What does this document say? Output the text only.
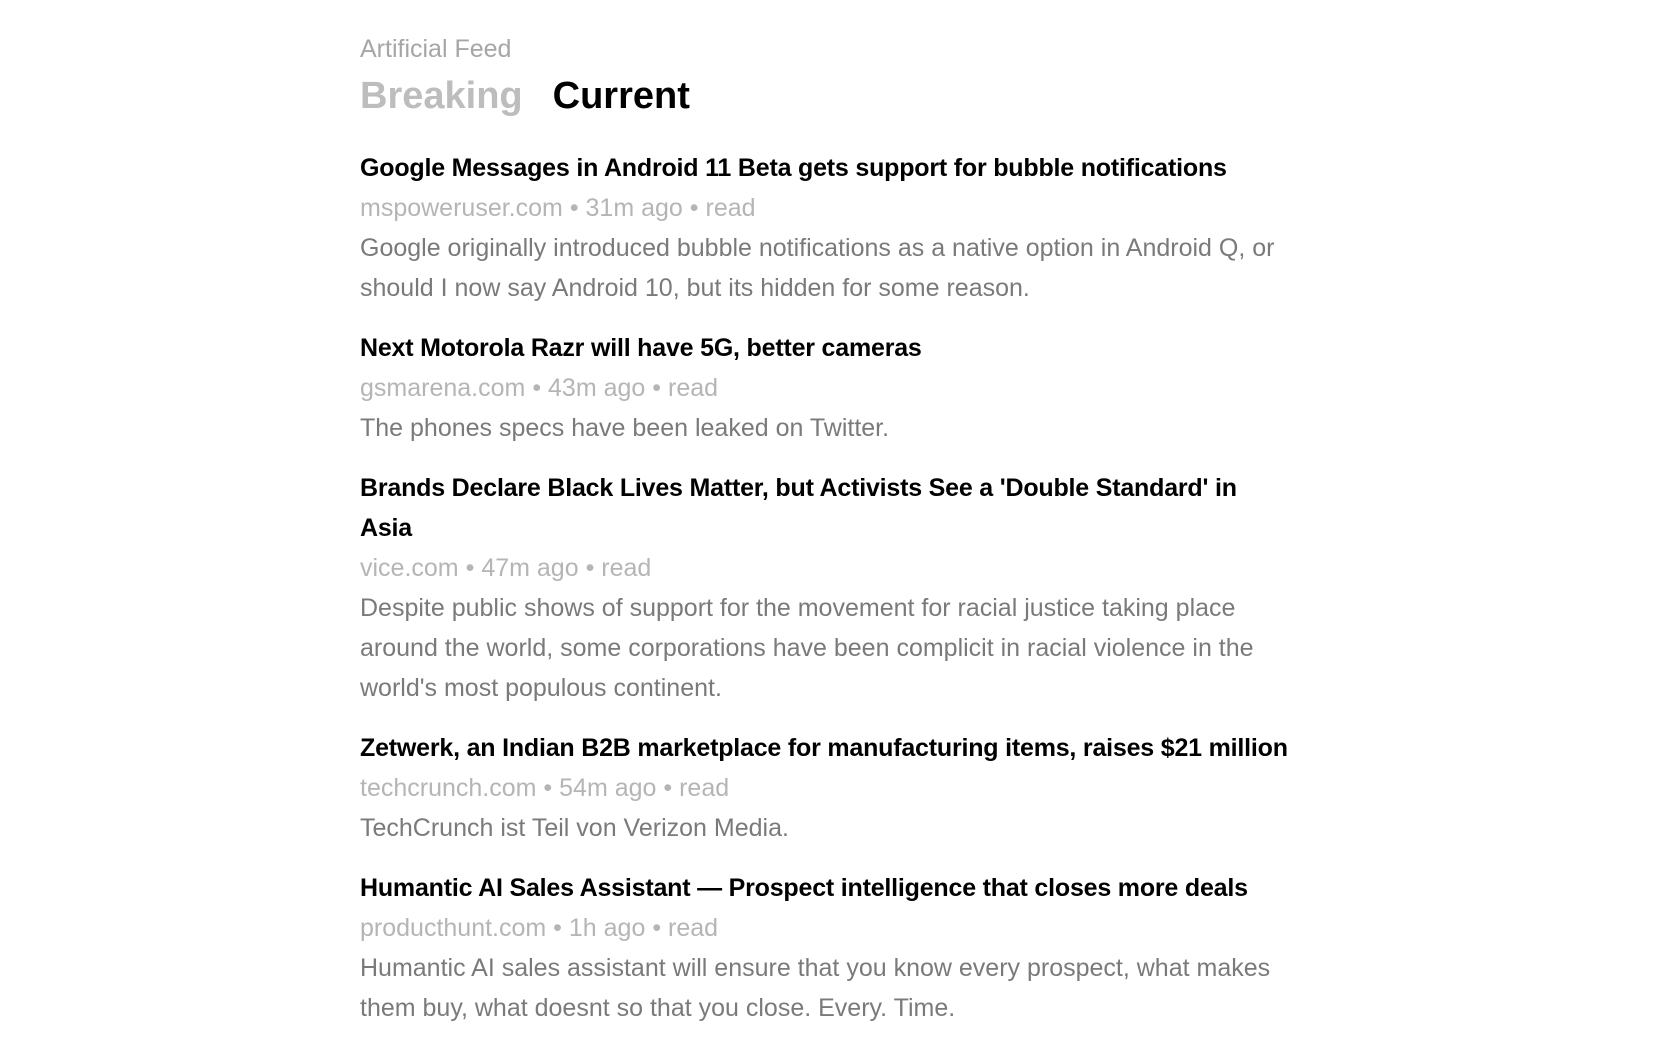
Artificial Feed
Breaking Current
Google Messages in Android 11 Beta gets support for bubble notifications
mspoweruser.com • 31m ago • read
Google originally introduced bubble notifications as a native option in Android Q, or should I now say Android 10, but its hidden for some reason.
Next Motorola Razr will have 5G, better cameras
gsmarena.com • 43m ago • read
The phones specs have been leaked on Twitter.
Brands Declare Black Lives Matter, but Activists See a 'Double Standard' in Asia
vice.com • 47m ago • read
Despite public shows of support for the movement for racial justice taking place around the world, some corporations have been complicit in racial violence in the world's most populous continent.
Zetwerk, an Indian B2B marketplace for manufacturing items, raises $21 million
techcrunch.com • 54m ago • read
TechCrunch ist Teil von Verizon Media.
Humantic AI Sales Assistant — Prospect intelligence that closes more deals
producthunt.com • 1h ago • read
Humantic AI sales assistant will ensure that you know every prospect, what makes them buy, what doesnt so that you close. Every. Time.
